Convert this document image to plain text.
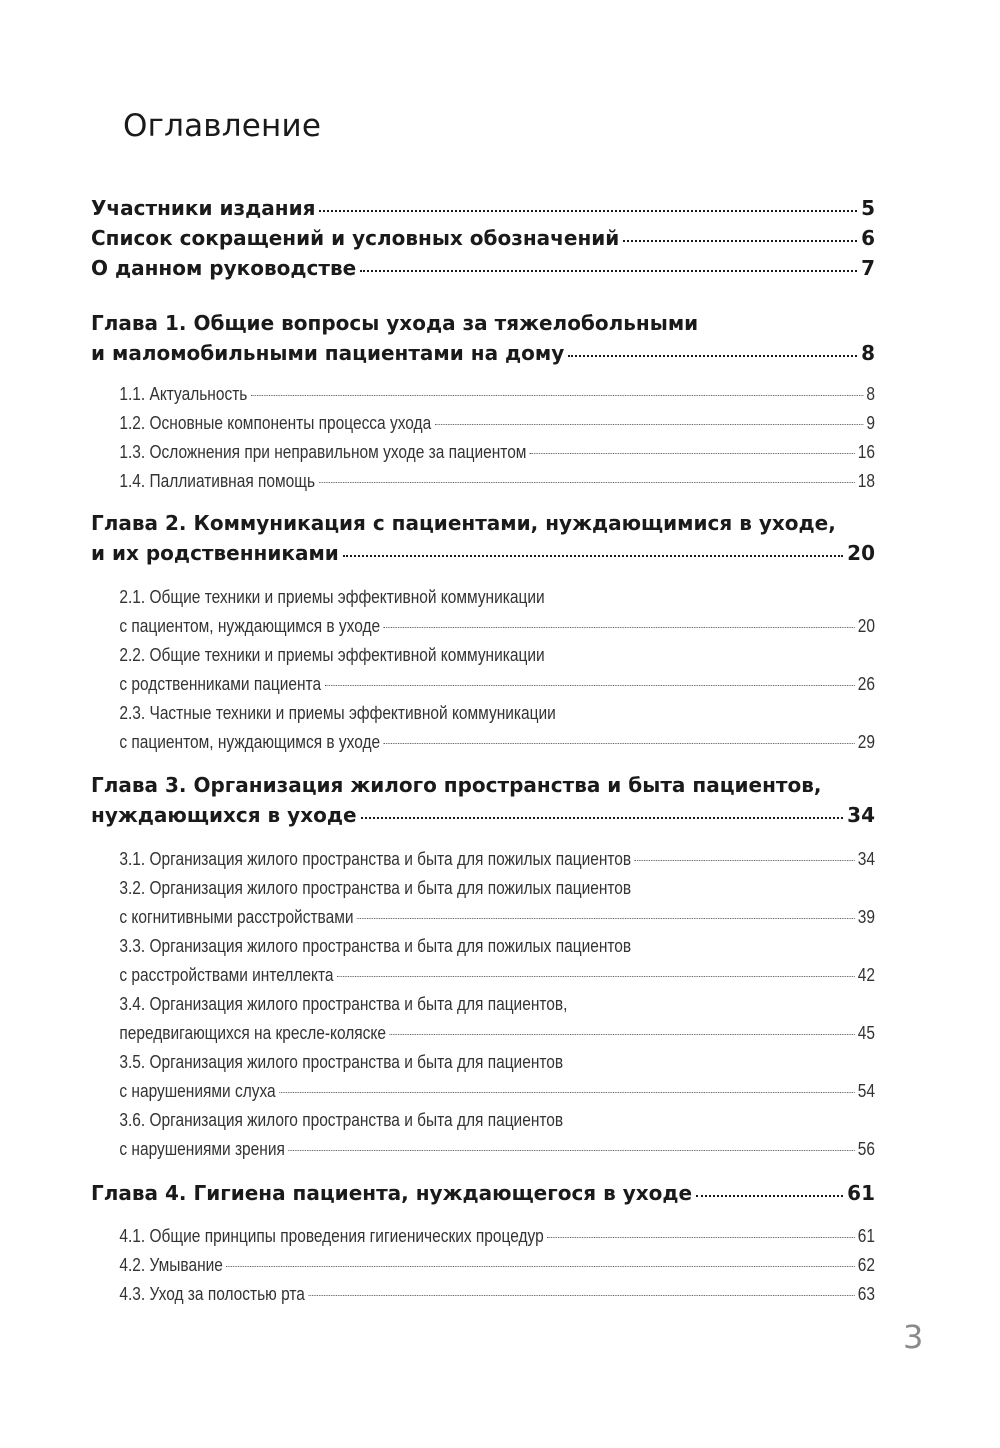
Оглавление
Участники издания	5
Список сокращений и условных обозначений	6
О данном руководстве	7
Глава 1. Общие вопросы ухода за тяжелобольными
и маломобильными пациентами на дому	8
1.1. Актуальность	8
1.2. Основные компоненты процесса ухода	9
1.3. Осложнения при неправильном уходе за пациентом	16
1.4. Паллиативная помощь	18
Глава 2. Коммуникация с пациентами, нуждающимися в уходе,
и их родственниками	20
2.1. Общие техники и приемы эффективной коммуникации
с пациентом, нуждающимся в уходе	20
2.2. Общие техники и приемы эффективной коммуникации
с родственниками пациента	26
2.3. Частные техники и приемы эффективной коммуникации
с пациентом, нуждающимся в уходе	29
Глава 3. Организация жилого пространства и быта пациентов,
нуждающихся в уходе	34
3.1. Организация жилого пространства и быта для пожилых пациентов	34
3.2. Организация жилого пространства и быта для пожилых пациентов
с когнитивными расстройствами	39
3.3. Организация жилого пространства и быта для пожилых пациентов
с расстройствами интеллекта	42
3.4. Организация жилого пространства и быта для пациентов,
передвигающихся на кресле-коляске	45
3.5. Организация жилого пространства и быта для пациентов
с нарушениями слуха	54
3.6. Организация жилого пространства и быта для пациентов
с нарушениями зрения	56
Глава 4. Гигиена пациента, нуждающегося в уходе	61
4.1. Общие принципы проведения гигиенических процедур	61
4.2. Умывание	62
4.3. Уход за полостью рта	63
3
